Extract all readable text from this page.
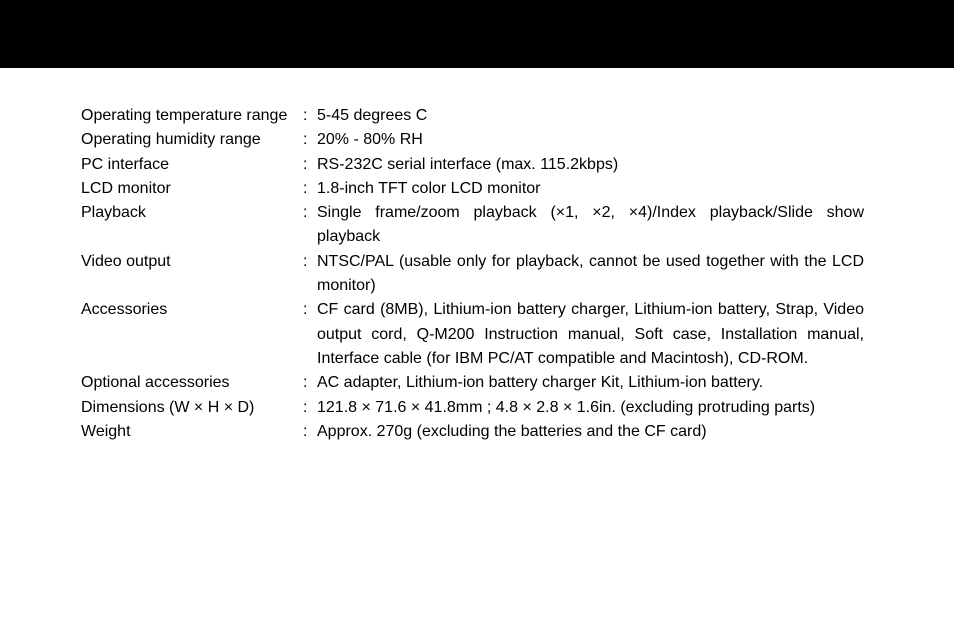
Operating temperature range : 5-45 degrees C
Operating humidity range	: 20% - 80% RH
PC interface	: RS-232C serial interface (max. 115.2kbps)
LCD monitor	: 1.8-inch TFT color LCD monitor
Playback	: Single frame/zoom playback (×1, ×2, ×4)/Index playback/Slide show playback
Video output	: NTSC/PAL (usable only for playback, cannot be used together with the LCD monitor)
Accessories	: CF card (8MB), Lithium-ion battery charger, Lithium-ion battery, Strap, Video output cord, Q-M200 Instruction manual, Soft case, Installation manual, Interface cable (for IBM PC/AT compatible and Macintosh), CD-ROM.
Optional accessories	: AC adapter, Lithium-ion battery charger Kit, Lithium-ion battery.
Dimensions (W × H × D)	: 121.8 × 71.6 × 41.8mm ; 4.8 × 2.8 × 1.6in. (excluding protruding parts)
Weight	: Approx. 270g (excluding the batteries and the CF card)
